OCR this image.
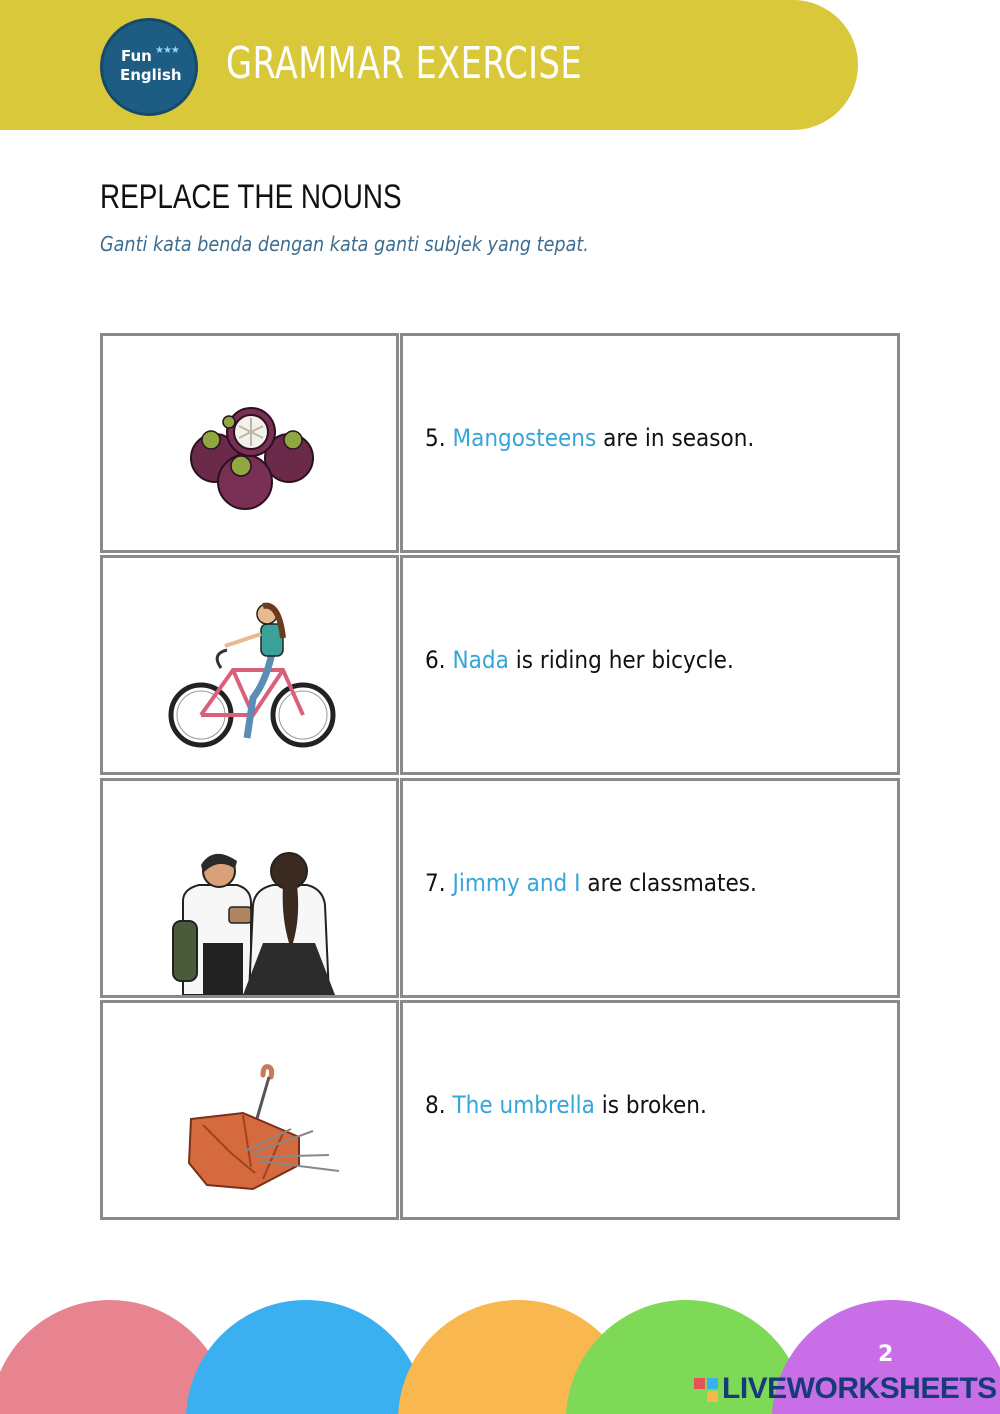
Fun ★★★
English GRAMMAR EXERCISE
REPLACE THE NOUNS
Ganti kata benda dengan kata ganti subjek yang tepat.
5. Mangosteens are in season.
6. Nada is riding her bicycle.
7. Jimmy and I are classmates.
8. The umbrella is broken.
2
LIVEWORKSHEETS
